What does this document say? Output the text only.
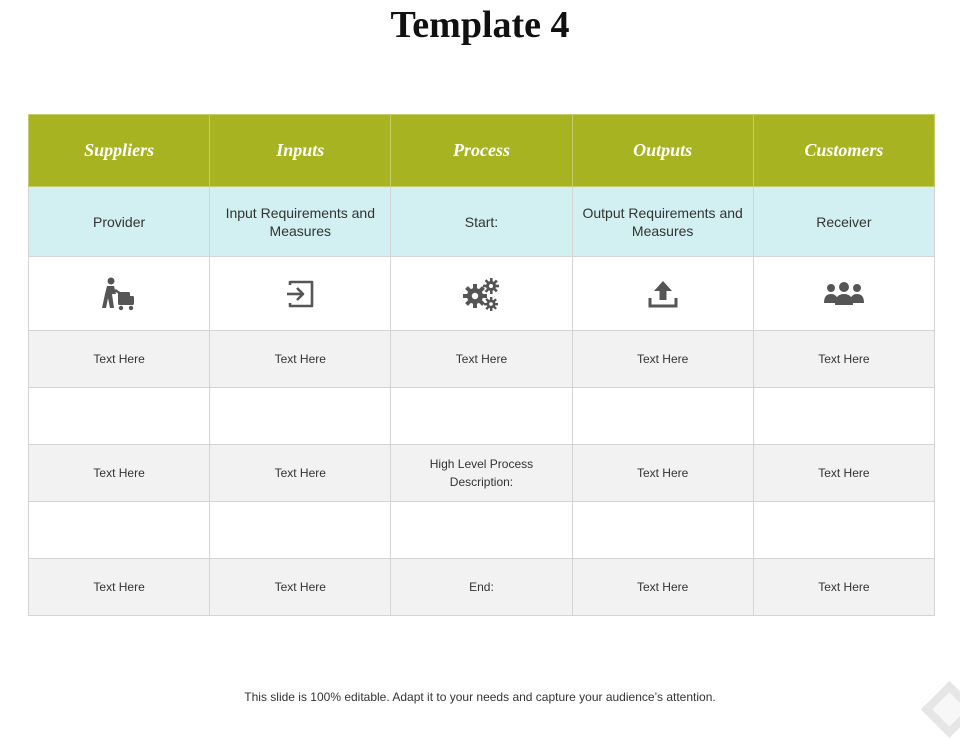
Template 4
Suppliers	Inputs	Process	Outputs	Customers
Provider	Input Requirements and Measures	Start:	Output Requirements and Measures	Receiver

Text Here	Text Here	Text Here	Text Here	Text Here

Text Here	Text Here	High Level Process Description:	Text Here	Text Here

Text Here	Text Here	End:	Text Here	Text Here
This slide is 100% editable. Adapt it to your needs and capture your audience’s attention.
